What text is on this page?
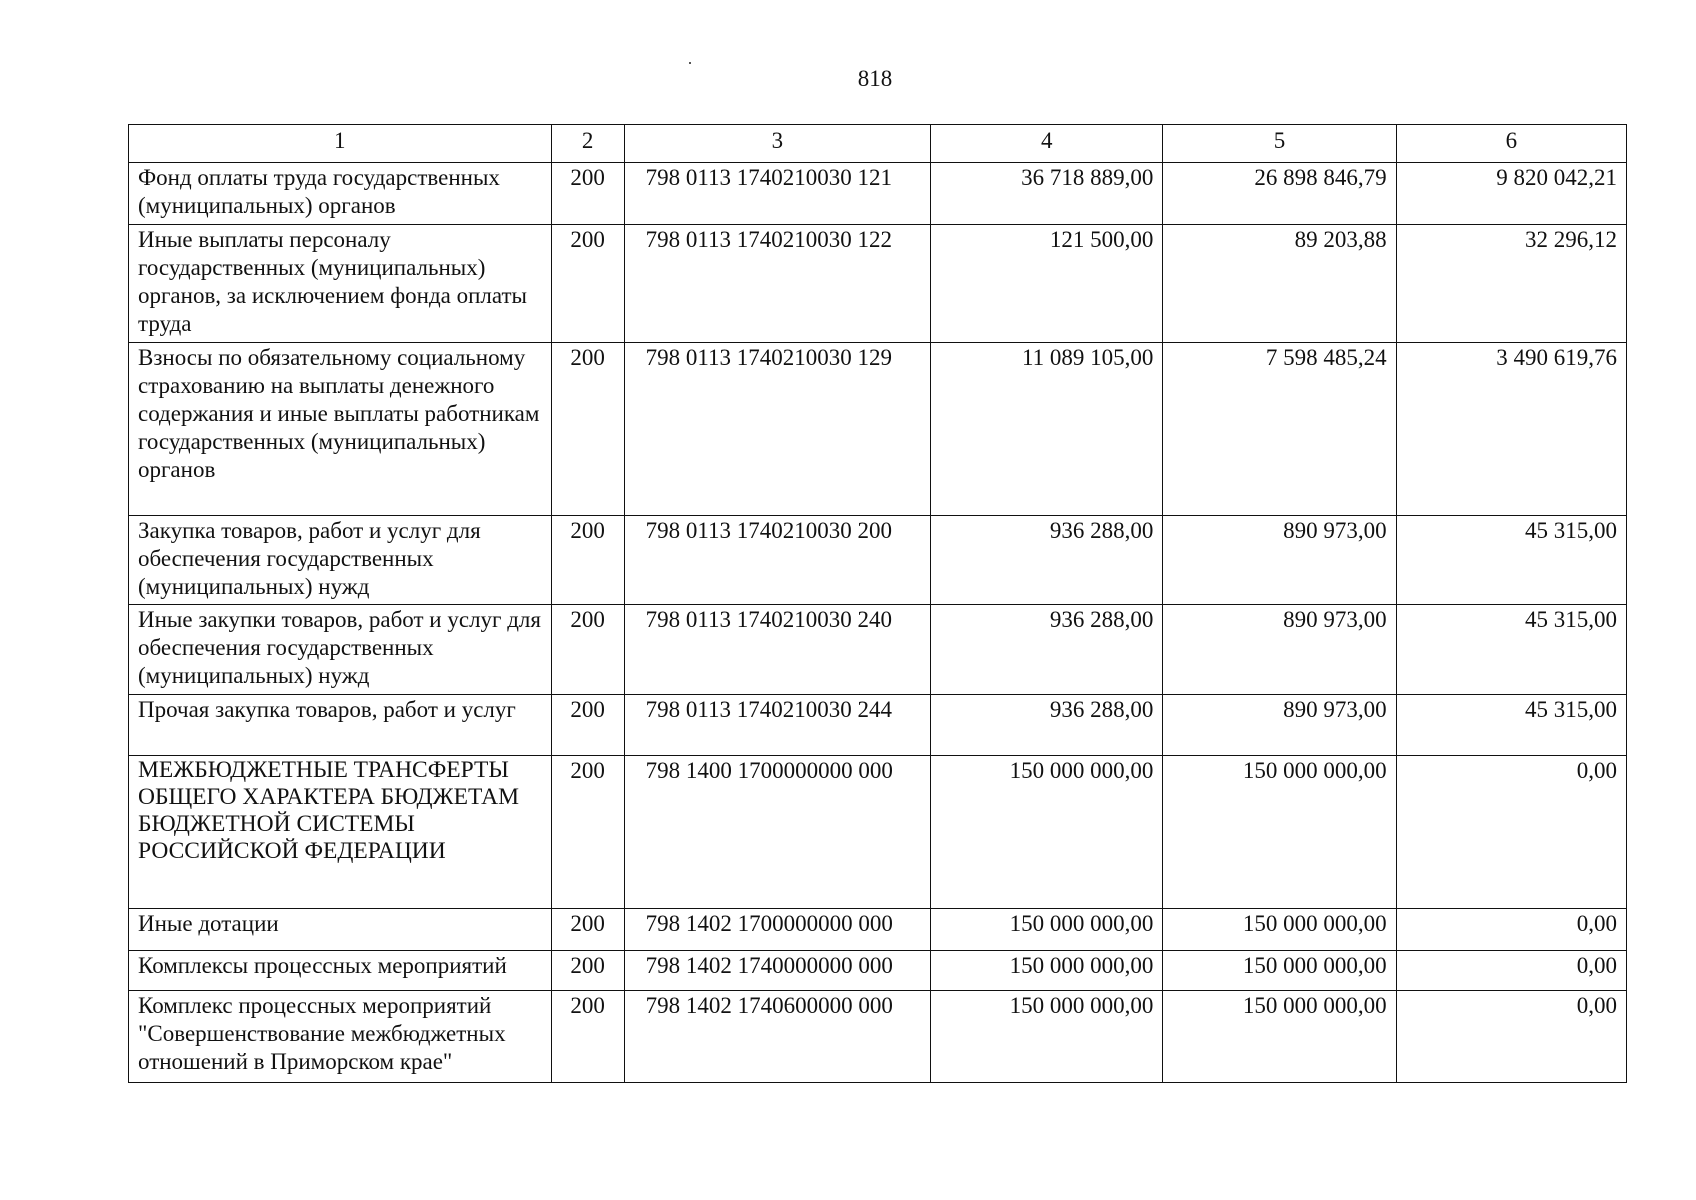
818
1	2	3	4	5	6
Фонд оплаты труда государственных (муниципальных) органов	200	798 0113 1740210030 121	36 718 889,00	26 898 846,79	9 820 042,21
Иные выплаты персоналу государственных (муниципальных) органов, за исключением фонда оплаты труда	200	798 0113 1740210030 122	121 500,00	89 203,88	32 296,12
Взносы по обязательному социальному страхованию на выплаты денежного содержания и иные выплаты работникам государственных (муниципальных) органов	200	798 0113 1740210030 129	11 089 105,00	7 598 485,24	3 490 619,76
Закупка товаров, работ и услуг для обеспечения государственных (муниципальных) нужд	200	798 0113 1740210030 200	936 288,00	890 973,00	45 315,00
Иные закупки товаров, работ и услуг для обеспечения государственных (муниципальных) нужд	200	798 0113 1740210030 240	936 288,00	890 973,00	45 315,00
Прочая закупка товаров, работ и услуг	200	798 0113 1740210030 244	936 288,00	890 973,00	45 315,00
МЕЖБЮДЖЕТНЫЕ ТРАНСФЕРТЫ ОБЩЕГО ХАРАКТЕРА БЮДЖЕТАМ БЮДЖЕТНОЙ СИСТЕМЫ РОССИЙСКОЙ ФЕДЕРАЦИИ	200	798 1400 1700000000 000	150 000 000,00	150 000 000,00	0,00
Иные дотации	200	798 1402 1700000000 000	150 000 000,00	150 000 000,00	0,00
Комплексы процессных мероприятий	200	798 1402 1740000000 000	150 000 000,00	150 000 000,00	0,00
Комплекс процессных мероприятий "Совершенствование межбюджетных отношений в Приморском крае"	200	798 1402 1740600000 000	150 000 000,00	150 000 000,00	0,00
